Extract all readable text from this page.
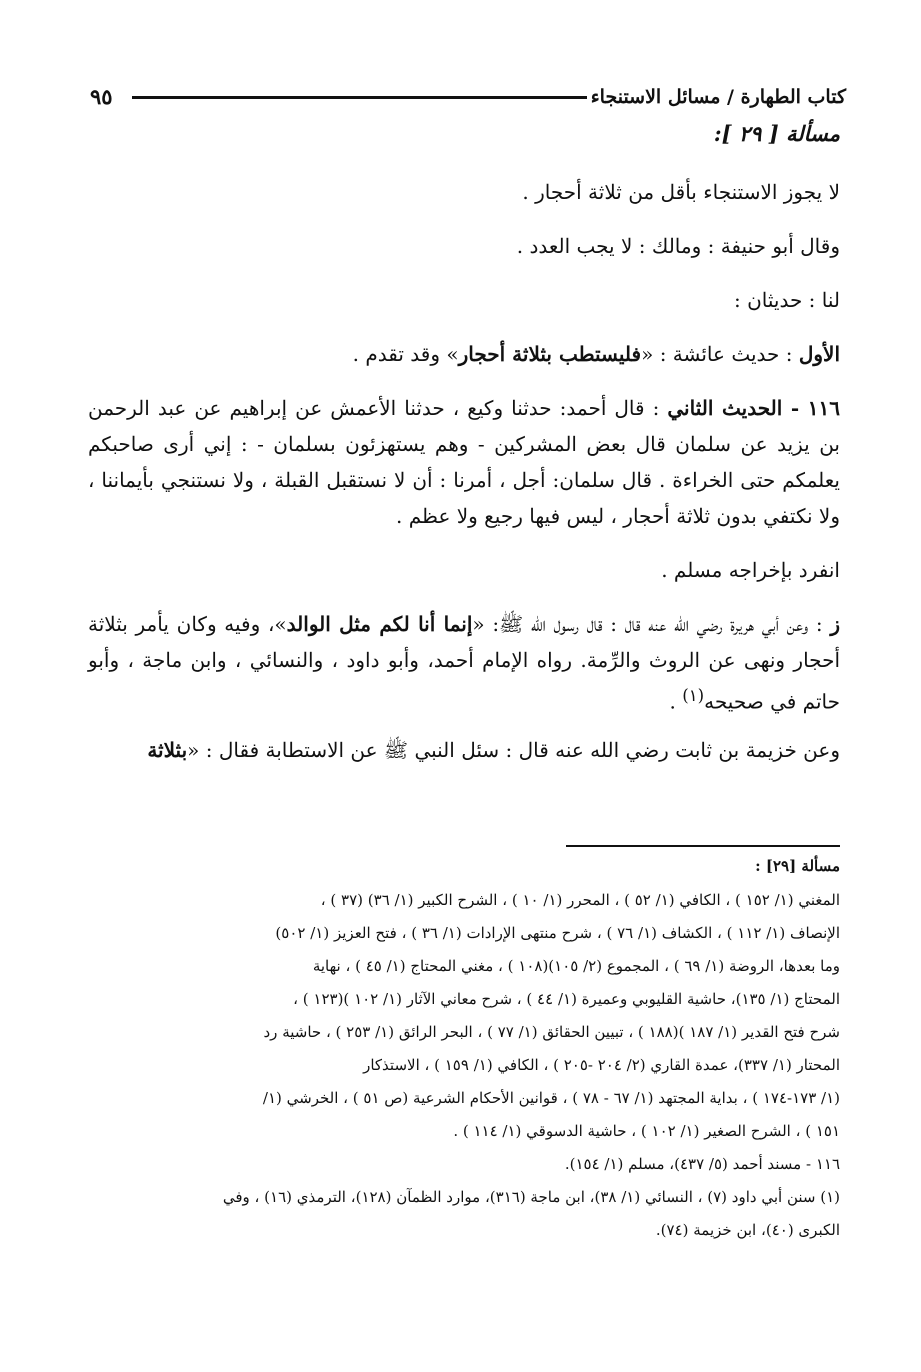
٩٥	كتاب الطهارة / مسائل الاستنجاء
مسألة [ ٢٩ ]:

لا يجوز الاستنجاء بأقل من ثلاثة أحجار .

وقال أبو حنيفة : ومالك : لا يجب العدد .

لنا : حديثان :

الأول : حديث عائشة : «فليستطب بثلاثة أحجار» وقد تقدم .

١١٦ - الحديث الثاني : قال أحمد: حدثنا وكيع ، حدثنا الأعمش عن إبراهيم عن عبد الرحمن بن يزيد عن سلمان قال بعض المشركين - وهم يستهزئون بسلمان - : إني أرى صاحبكم يعلمكم حتى الخراءة . قال سلمان: أجل ، أمرنا : أن لا نستقبل القبلة ، ولا نستنجي بأيماننا ، ولا نكتفي بدون ثلاثة أحجار ، ليس فيها رجيع ولا عظم .

انفرد بإخراجه مسلم .

ز : وعن أبي هريرة رضي الله عنه قال : قال رسول الله ﷺ: «إنما أنا لكم مثل الوالد»، وفيه وكان يأمر بثلاثة أحجار ونهى عن الروث والرِّمة. رواه الإمام أحمد، وأبو داود ، والنسائي ، وابن ماجة ، وأبو حاتم في صحيحه$^{(١)}$ .

وعن خزيمة بن ثابت رضي الله عنه قال : سئل النبي ﷺ عن الاستطابة فقال : «بثلاثة

مسألة [٢٩] :

المغني (١/ ١٥٢ ) ، الكافي (١/ ٥٢ ) ، المحرر (١/ ١٠ ) ، الشرح الكبير (١/ ٣٦) (٣٧ ) ،

الإنصاف (١/ ١١٢ ) ، الكشاف (١/ ٧٦ ) ، شرح منتهى الإرادات (١/ ٣٦ ) ، فتح العزيز (١/ ٥٠٢)

وما بعدها، الروضة (١/ ٦٩ ) ، المجموع (٢/ ١٠٥)(١٠٨ ) ، مغني المحتاج (١/ ٤٥ ) ، نهاية

المحتاج (١/ ١٣٥)، حاشية القليوبي وعميرة (١/ ٤٤ ) ، شرح معاني الآثار (١/ ١٠٢ )(١٢٣ ) ،

شرح فتح القدير (١/ ١٨٧ )(١٨٨ ) ، تبيين الحقائق (١/ ٧٧ ) ، البحر الرائق (١/ ٢٥٣ ) ، حاشية رد

المحتار (١/ ٣٣٧)، عمدة القاري (٢/ ٢٠٤ -٢٠٥ ) ، الكافي (١/ ١٥٩ ) ، الاستذكار

(١/ ١٧٣-١٧٤ ) ، بداية المجتهد (١/ ٦٧ - ٧٨ ) ، قوانين الأحكام الشرعية (ص ٥١ ) ، الخرشي (١/

١٥١ ) ، الشرح الصغير (١/ ١٠٢ ) ، حاشية الدسوقي (١/ ١١٤ ) .

١١٦ - مسند أحمد (٥/ ٤٣٧)، مسلم (١/ ١٥٤).

(١) سنن أبي داود (٧) ، النسائي (١/ ٣٨)، ابن ماجة (٣١٦)، موارد الظمآن (١٢٨)، الترمذي (١٦) ، وفي

الكبرى (٤٠)، ابن خزيمة (٧٤).
